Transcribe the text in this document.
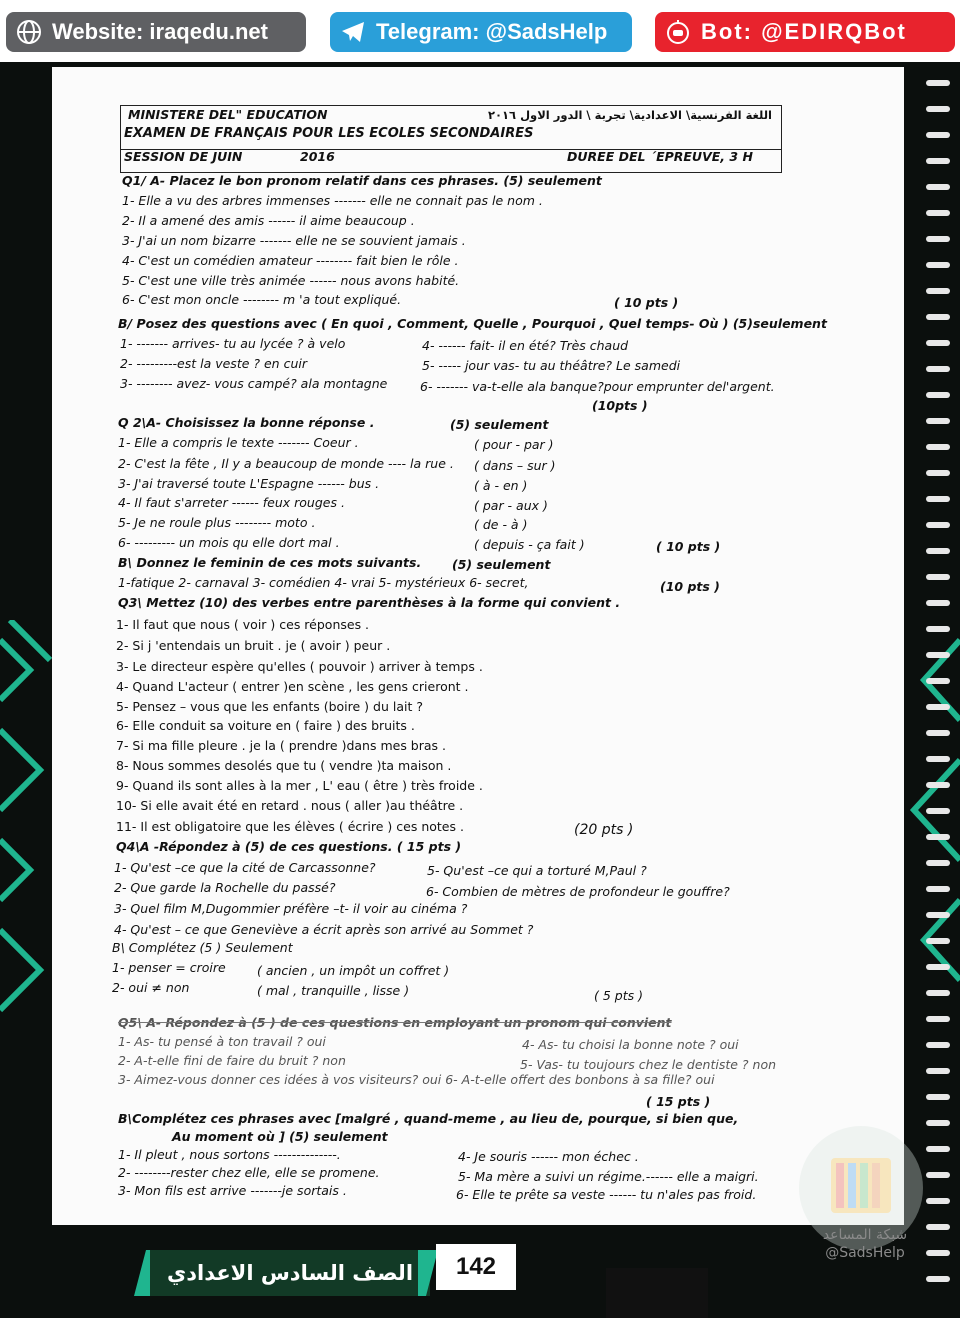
Website: iraqedu.net	Telegram: @SadsHelp	Bot: @EDIRQBot
MINISTERE DEL" EDUCATION	اللغة الفرنسية\ الاعدادية\ تجربة \ الدور الاول ٢٠١٦
EXAMEN DE FRANÇAIS POUR LES ECOLES SECONDAIRES
SESSION DE JUIN	2016	DUREE DEL ´EPREUVE, 3 H
Q1/ A- Placez le bon pronom relatif dans ces phrases. (5) seulement
1- Elle a vu des arbres immenses ------- elle ne connait pas le nom .
2- Il a amené des amis ------ il aime beaucoup .
3- J'ai un nom bizarre ------- elle ne se souvient jamais .
4- C'est un comédien amateur -------- fait bien le rôle .
5- C'est une ville très animée ------ nous avons habité.
6- C'est mon oncle -------- m 'a tout expliqué.	( 10 pts )
B/ Posez des questions avec ( En quoi , Comment, Quelle , Pourquoi , Quel temps- Où ) (5)seulement
1- ------- arrives- tu au lycée ? à velo	4- ------ fait- il en été? Très chaud
2- ---------est la veste ? en cuir	5- ----- jour vas- tu au théâtre? Le samedi
3- -------- avez- vous campé? ala montagne	6- ------- va-t-elle ala banque?pour emprunter del'argent.
(10pts )
Q 2\A- Choisissez la bonne réponse .	(5) seulement
1- Elle a compris le texte ------- Coeur .	( pour - par )
2- C'est la fête , Il y a beaucoup de monde ---- la rue . ( dans – sur )
3- J'ai traversé toute L'Espagne ------ bus .	( à - en )
4- Il faut s'arreter ------ feux rouges .	( par - aux )
5- Je ne roule plus -------- moto .	( de - à )
6- --------- un mois qu elle dort mal .	( depuis - ça fait )	( 10 pts )
B\ Donnez le feminin de ces mots suivants. (5) seulement
1-fatique 2- carnaval 3- comédien 4- vrai 5- mystérieux 6- secret,	(10 pts )
Q3\ Mettez (10) des verbes entre parenthèses à la forme qui convient .
1- Il faut que nous ( voir ) ces réponses .
2- Si j 'entendais un bruit . je ( avoir ) peur .
3- Le directeur espère qu'elles ( pouvoir ) arriver à temps .
4- Quand L'acteur ( entrer )en scène , les gens crieront .
5- Pensez – vous que les enfants (boire ) du lait ?
6- Elle conduit sa voiture en ( faire ) des bruits .
7- Si ma fille pleure . je la ( prendre )dans mes bras .
8- Nous sommes desolés que tu ( vendre )ta maison .
9- Quand ils sont alles à la mer , L' eau ( être ) très froide .
10- Si elle avait été en retard . nous ( aller )au théâtre .
11- Il est obligatoire que les élèves ( écrire ) ces notes .	(20 pts )
Q4\A -Répondez à (5) de ces questions. ( 15 pts )
1- Qu'est –ce que la cité de Carcassonne?	5- Qu'est –ce qui a torturé M,Paul ?
2- Que garde la Rochelle du passé?	6- Combien de mètres de profondeur le gouffre?
3- Quel film M,Dugommier préfère –t- il voir au cinéma ?
4- Qu'est – ce que Geneviève a écrit après son arrivé au Sommet ?
B\ Complétez (5 ) Seulement
1- penser = croire	( ancien , un impôt un coffret )
2- oui ≠ non	( mal , tranquille , lisse )	( 5 pts )
Q5\ A- Répondez à (5 ) de ces questions en employant un pronom qui convient
1- As- tu pensé à ton travail ? oui	4- As- tu choisi la bonne note ? oui
2- A-t-elle fini de faire du bruit ? non	5- Vas- tu toujours chez le dentiste ? non
3- Aimez-vous donner ces idées à vos visiteurs? oui 6- A-t-elle offert des bonbons à sa fille? oui
( 15 pts )
B\Complétez ces phrases avec [malgré , quand-meme , au lieu de, pourque, si bien que,
Au moment où ] (5) seulement
1- Il pleut , nous sortons --------------.	4- Je souris ------ mon échec .
2- --------rester chez elle, elle se promene.	5- Ma mère a suivi un régime.------ elle a maigri.
3- Mon fils est arrive -------je sortais .	6- Elle te prête sa veste ------ tu n'ales pas froid.
شبكة المساعد
@SadsHelp
الصف السادس الاعدادي	142
